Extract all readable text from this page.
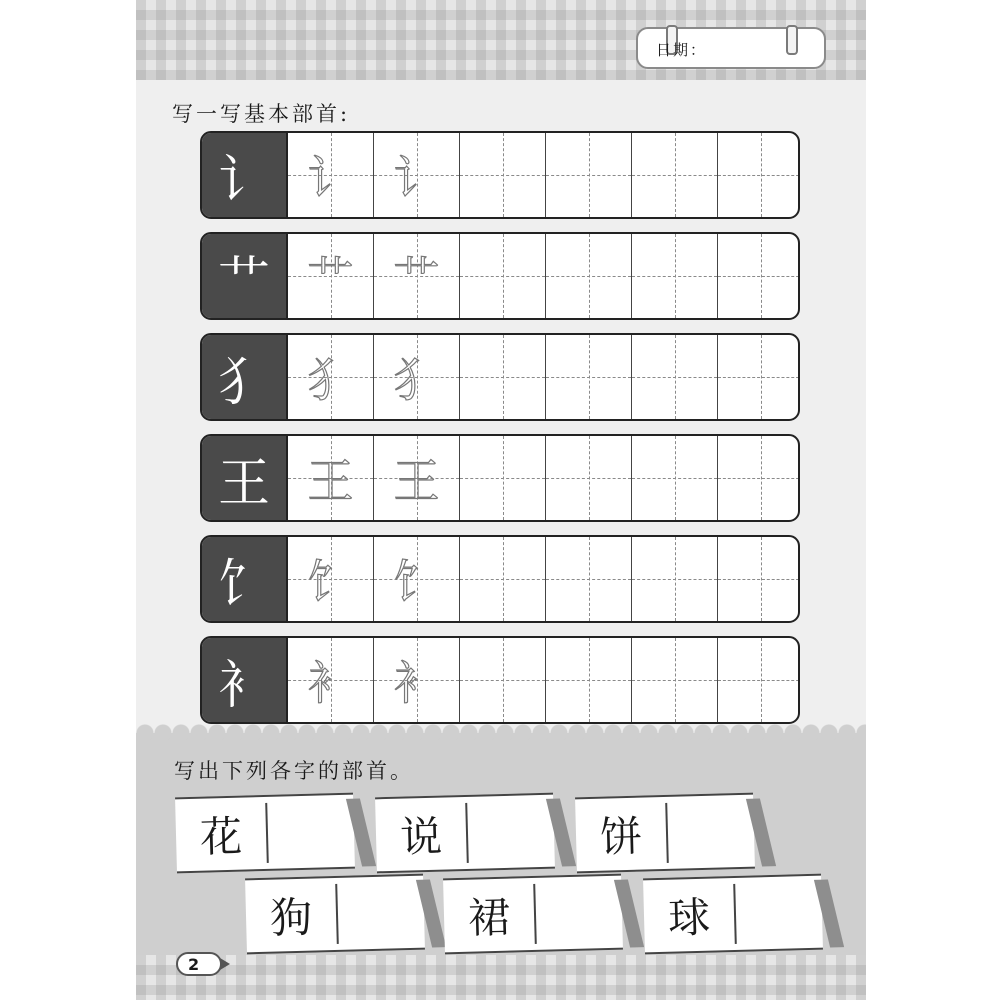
日期：
写一写基本部首:
讠 讠 讠
艹 艹 艹
犭 犭 犭
王 王 王
饣 饣 饣
衤 衤 衤
写出下列各字的部首。
花	说	饼
狗	裙	球
2
